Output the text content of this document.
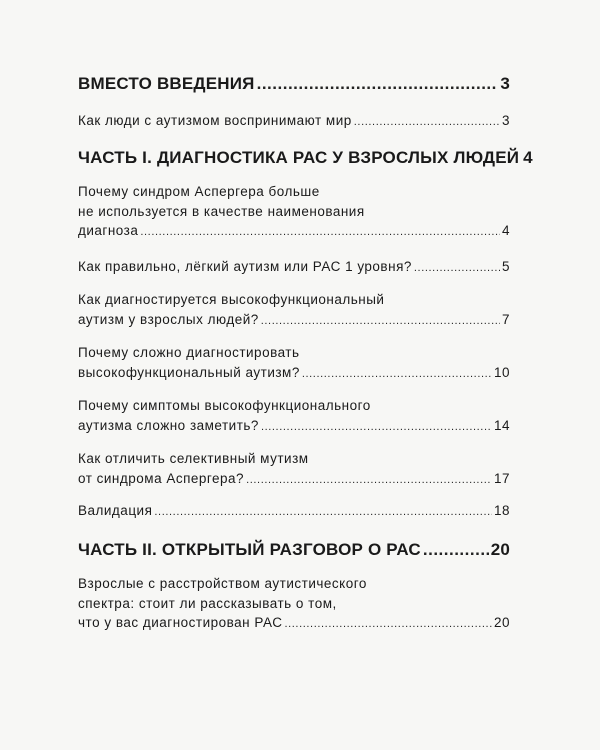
ВМЕСТО ВВЕДЕНИЯ .....	3
Как люди с аутизмом воспринимают мир .....	3
ЧАСТЬ I. ДИАГНОСТИКА РАС У ВЗРОСЛЫХ ЛЮДЕЙ 4
Почему синдром Аспергера больше
не используется в качестве наименования
диагноза .....	4
Как правильно, лёгкий аутизм или РАС 1 уровня? .....	5
Как диагностируется высокофункциональный
аутизм у взрослых людей? .....	7
Почему сложно диагностировать
высокофункциональный аутизм? .....	10
Почему симптомы высокофункционального
аутизма сложно заметить? .....	14
Как отличить селективный мутизм
от синдрома Аспергера? .....	17
Валидация .....	18
ЧАСТЬ II. ОТКРЫТЫЙ РАЗГОВОР О РАС .....	20
Взрослые с расстройством аутистического
спектра: стоит ли рассказывать о том,
что у вас диагностирован РАС .....	20
